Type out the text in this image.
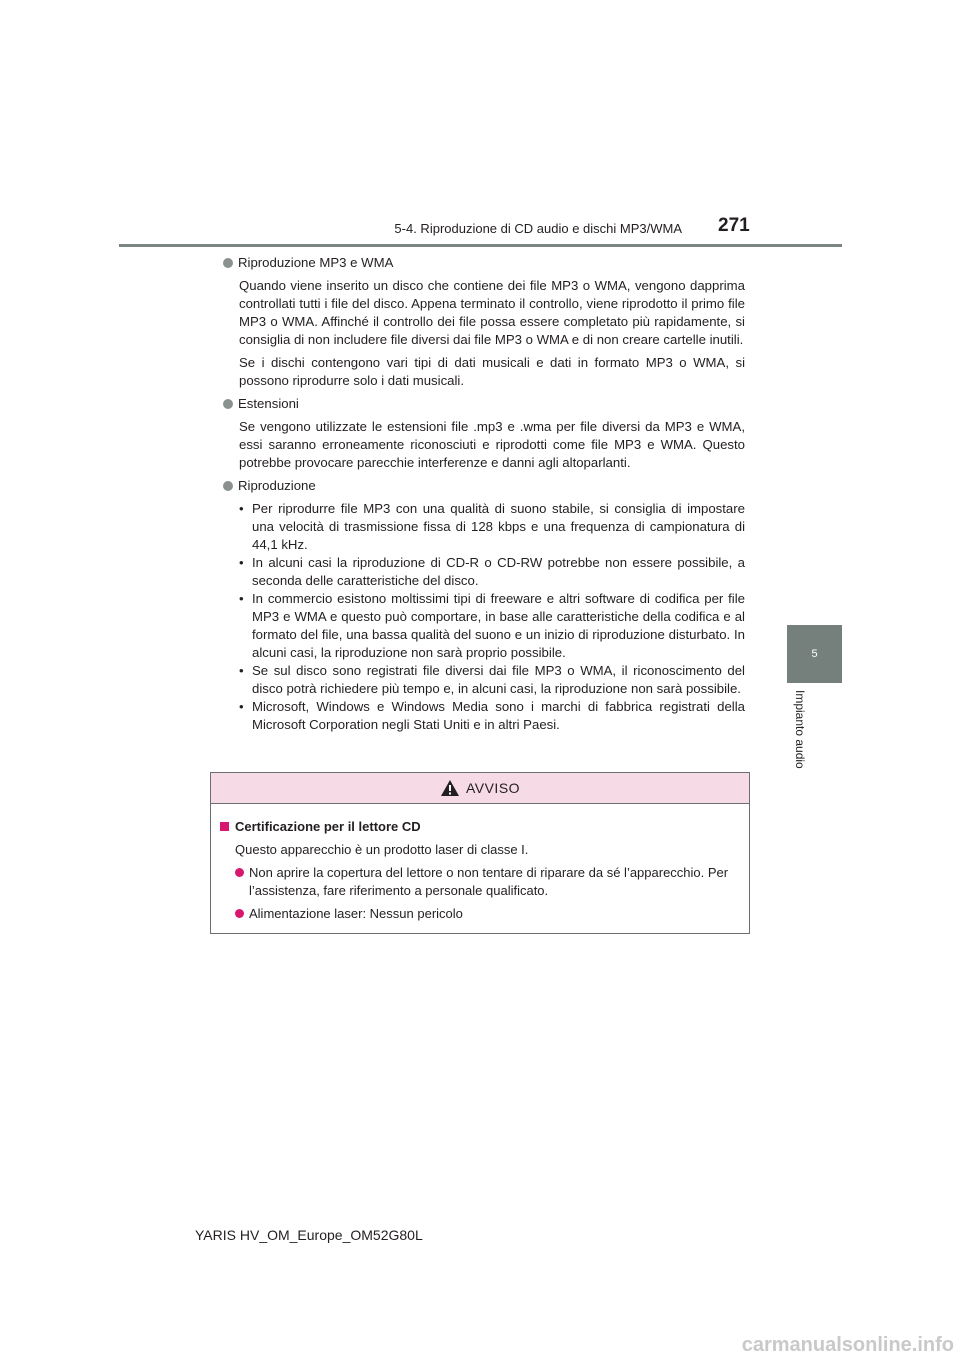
5-4. Riproduzione di CD audio e dischi MP3/WMA 271
5
Impianto audio
Riproduzione MP3 e WMA
Quando viene inserito un disco che contiene dei file MP3 o WMA, vengono dapprima controllati tutti i file del disco. Appena terminato il controllo, viene riprodotto il primo file MP3 o WMA. Affinché il controllo dei file possa essere completato più rapidamente, si consiglia di non includere file diversi dai file MP3 o WMA e di non creare cartelle inutili.
Se i dischi contengono vari tipi di dati musicali e dati in formato MP3 o WMA, si possono riprodurre solo i dati musicali.
Estensioni
Se vengono utilizzate le estensioni file .mp3 e .wma per file diversi da MP3 e WMA, essi saranno erroneamente riconosciuti e riprodotti come file MP3 e WMA. Questo potrebbe provocare parecchie interferenze e danni agli altoparlanti.
Riproduzione
• Per riprodurre file MP3 con una qualità di suono stabile, si consiglia di impostare una velocità di trasmissione fissa di 128 kbps e una frequenza di campionatura di 44,1 kHz.
• In alcuni casi la riproduzione di CD-R o CD-RW potrebbe non essere possibile, a seconda delle caratteristiche del disco.
• In commercio esistono moltissimi tipi di freeware e altri software di codifica per file MP3 e WMA e questo può comportare, in base alle caratteristiche della codifica e al formato del file, una bassa qualità del suono e un inizio di riproduzione disturbato. In alcuni casi, la riproduzione non sarà proprio possibile.
• Se sul disco sono registrati file diversi dai file MP3 o WMA, il riconoscimento del disco potrà richiedere più tempo e, in alcuni casi, la riproduzione non sarà possibile.
• Microsoft, Windows e Windows Media sono i marchi di fabbrica registrati della Microsoft Corporation negli Stati Uniti e in altri Paesi.
AVVISO
Certificazione per il lettore CD
Questo apparecchio è un prodotto laser di classe I.
Non aprire la copertura del lettore o non tentare di riparare da sé l’apparecchio. Per l’assistenza, fare riferimento a personale qualificato.
Alimentazione laser: Nessun pericolo
YARIS HV_OM_Europe_OM52G80L
carmanualsonline.info
